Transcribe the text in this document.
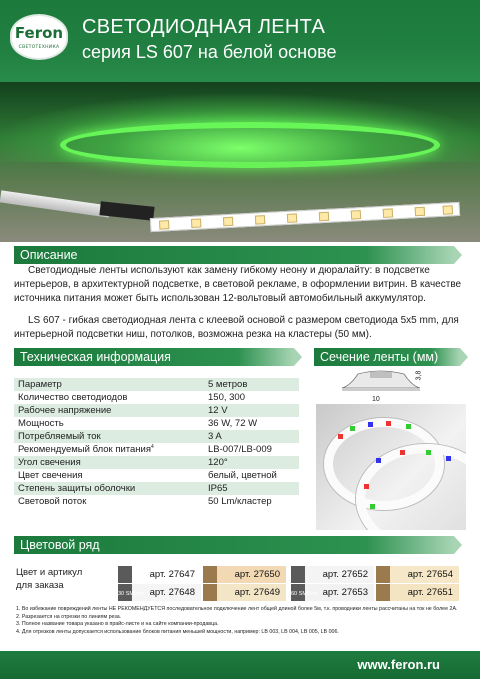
Feron
СВЕТОТЕХНИКА
СВЕТОДИОДНАЯ ЛЕНТА
серия LS 607 на белой основе
Описание

Светодиодные ленты используют как замену гибкому неону и дюралайту: в подсветке интерьеров, в архитектурной подсветке, в световой рекламе, в оформлении витрин. В качестве источника питания может быть использован 12-вольтовый автомобильный аккумулятор.

LS 607 - гибкая светодиодная лента с клеевой основой с размером светодиода 5х5 mm, для интерьерной подсветки ниш, потолков, возможна резка на кластеры (50 мм).

Техническая информация
Параметр	5 метров
Количество светодиодов	150, 300
Рабочее напряжение	12 V
Мощность	36 W, 72 W
Потребляемый ток	3 A
Рекомендуемый блок питания$^4$	LB-007/LB-009
Угол свечения	120°
Цвет свечения	белый, цветной
Степень защиты оболочки	IP65
Световой поток	50 Lm/кластер
Сечение ленты (мм)
3,8
10
Цветовой ряд
Цвет и артикул
для заказа
арт. 27647	арт. 27650	арт. 27652	арт. 27654
арт. 27648	арт. 27649	арт. 27653	арт. 27651
30 SMD/m	60 SMD/m
1. Во избежание повреждений ленты НЕ РЕКОМЕНДУЕТСЯ последовательное подключение лент общей длиной более 5м, т.к. проводники ленты рассчитаны на ток не более 2А.
2. Разрезается на отрезки по линиям реза.
3. Полное название товара указано в прайс-листе и на сайте компании-продавца.
4. Для отрезков ленты допускается использование блоков питания меньшей мощности, например: LB 003, LB 004, LB 005, LB 006.
www.feron.ru
